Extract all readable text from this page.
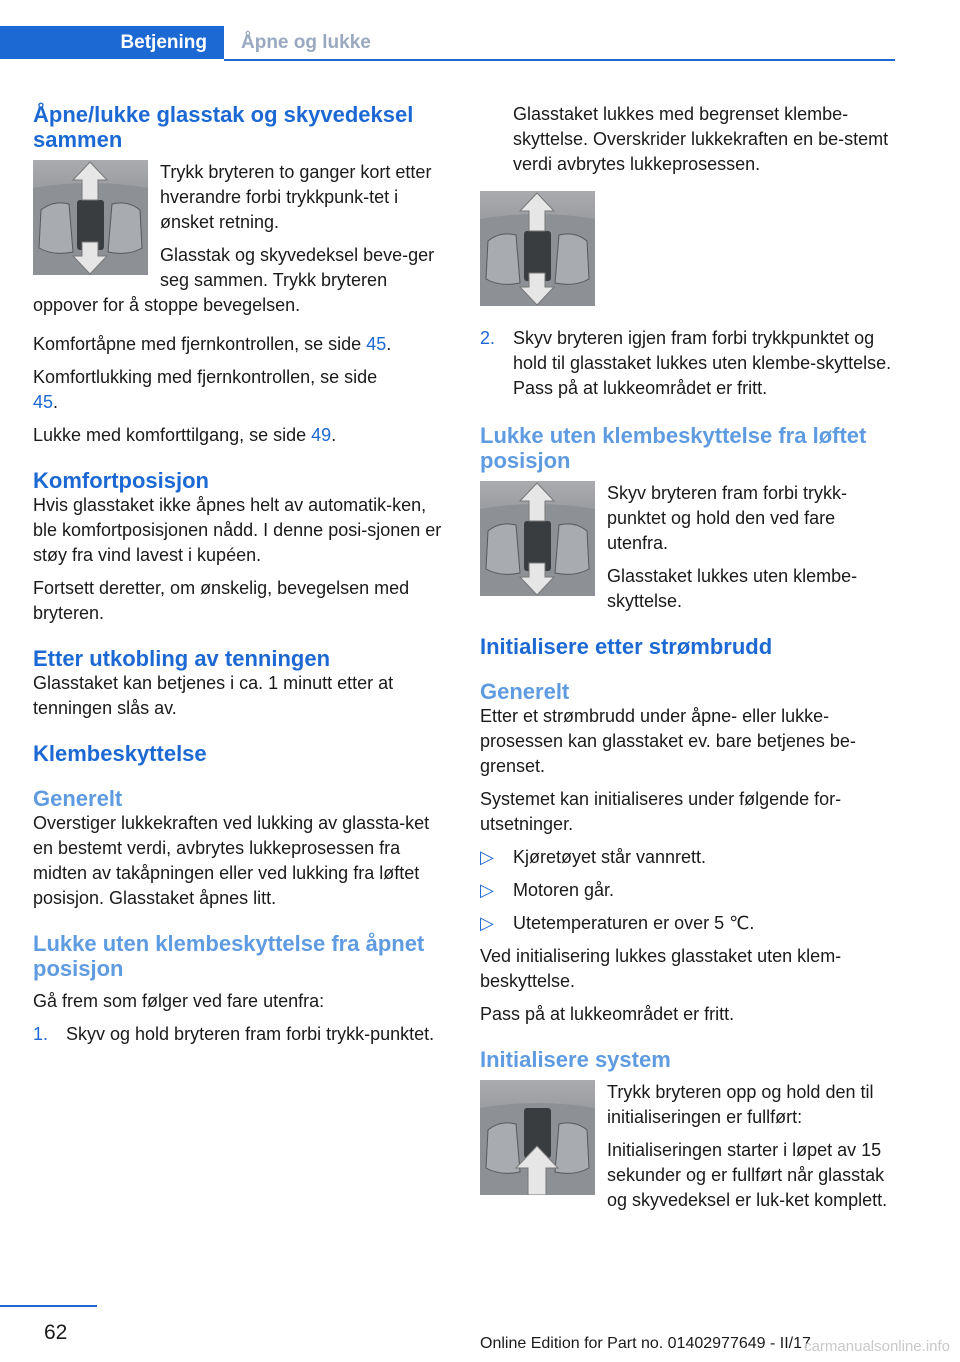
Betjening	Åpne og lukke
Åpne/lukke glasstak og skyvedeksel sammen

Trykk bryteren to ganger kort etter hverandre forbi trykkpunk-tet i ønsket retning.

Glasstak og skyvedeksel beve-ger seg sammen. Trykk bryteren oppover for å stoppe bevegelsen.

Komfortåpne med fjernkontrollen, se side 45.

Komfortlukking med fjernkontrollen, se side 45.

Lukke med komforttilgang, se side 49.

Komfortposisjon

Hvis glasstaket ikke åpnes helt av automatik-ken, ble komfortposisjonen nådd. I denne posi-sjonen er støy fra vind lavest i kupéen.

Fortsett deretter, om ønskelig, bevegelsen med bryteren.

Etter utkobling av tenningen

Glasstaket kan betjenes i ca. 1 minutt etter at tenningen slås av.

Klembeskyttelse
Generelt

Overstiger lukkekraften ved lukking av glassta-ket en bestemt verdi, avbrytes lukkeprosessen fra midten av takåpningen eller ved lukking fra løftet posisjon. Glasstaket åpnes litt.

Lukke uten klembeskyttelse fra åpnet posisjon

Gå frem som følger ved fare utenfra:

1. Skyv og hold bryteren fram forbi trykk-punktet.
Glasstaket lukkes med begrenset klembe-skyttelse. Overskrider lukkekraften en be-stemt verdi avbrytes lukkeprosessen.
2. Skyv bryteren igjen fram forbi trykkpunktet og hold til glasstaket lukkes uten klembe-skyttelse. Pass på at lukkeområdet er fritt.
Lukke uten klembeskyttelse fra løftet posisjon

Skyv bryteren fram forbi trykk-punktet og hold den ved fare utenfra.

Glasstaket lukkes uten klembe-skyttelse.

Initialisere etter strømbrudd
Generelt

Etter et strømbrudd under åpne- eller lukke-prosessen kan glasstaket ev. bare betjenes be-grenset.

Systemet kan initialiseres under følgende for-utsetninger.

▷ Kjøretøyet står vannrett.
▷ Motoren går.
▷ Utetemperaturen er over 5 ℃.

Ved initialisering lukkes glasstaket uten klem-beskyttelse.

Pass på at lukkeområdet er fritt.

Initialisere system

Trykk bryteren opp og hold den til initialiseringen er fullført:

Initialiseringen starter i løpet av 15 sekunder og er fullført når glasstak og skyvedeksel er luk-ket komplett.

62	Online Edition for Part no. 01402977649 - II/17
carmanualsonline.info
